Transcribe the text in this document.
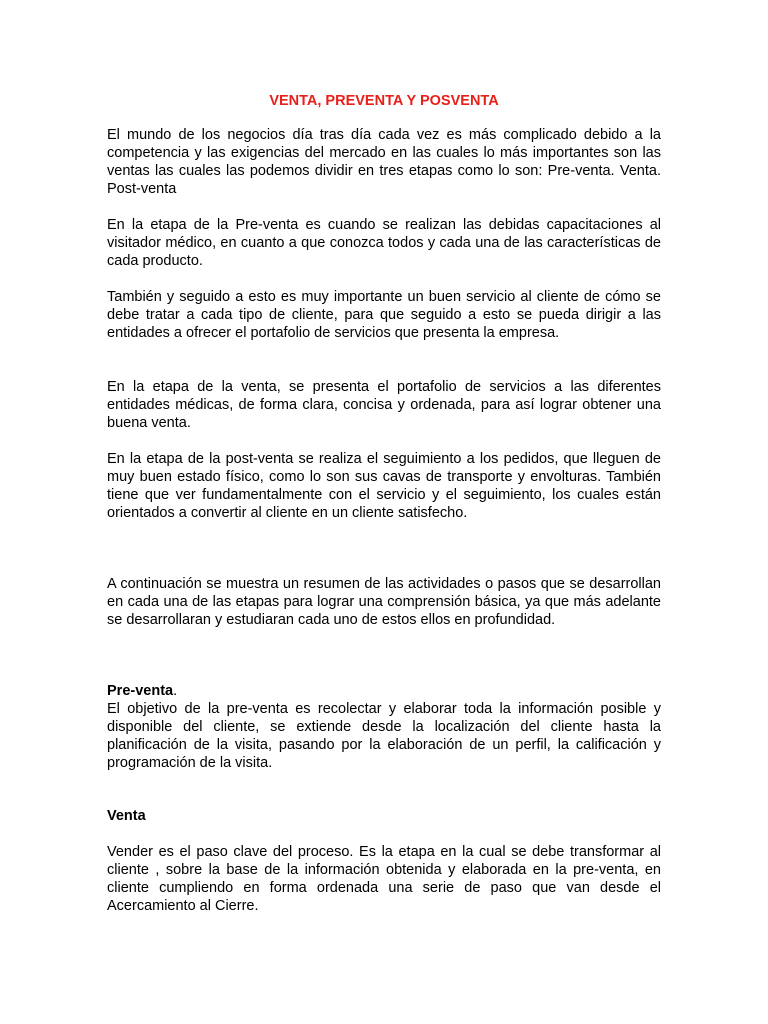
VENTA, PREVENTA Y POSVENTA

El mundo de los negocios día tras día cada vez es más complicado debido a la competencia y las exigencias del mercado en las cuales lo más importantes son las ventas las cuales las podemos dividir en tres etapas como lo son: Pre-venta. Venta. Post-venta

En la etapa de la Pre-venta es cuando se realizan las debidas capacitaciones al visitador médico, en cuanto a que conozca todos y cada una de las características de cada producto.

También y seguido a esto es muy importante un buen servicio al cliente de cómo se debe tratar a cada tipo de cliente, para que seguido a esto se pueda dirigir a las entidades a ofrecer el portafolio de servicios que presenta la empresa.

En la etapa de la venta, se presenta el portafolio de servicios a las diferentes entidades médicas, de forma clara, concisa y ordenada, para así lograr obtener una buena venta.

En la etapa de la post-venta se realiza el seguimiento a los pedidos, que lleguen de muy buen estado físico, como lo son sus cavas de transporte y envolturas. También tiene que ver fundamentalmente con el servicio y el seguimiento, los cuales están orientados a convertir al cliente en un cliente satisfecho.

A continuación se muestra un resumen de las actividades o pasos que se desarrollan en cada una de las etapas para lograr una comprensión básica, ya que más adelante se desarrollaran y estudiaran cada uno de estos ellos en profundidad.

Pre-venta.

El objetivo de la pre-venta es recolectar y elaborar toda la información posible y disponible del cliente, se extiende desde la localización del cliente hasta la planificación de la visita, pasando por la elaboración de un perfil, la calificación y programación de la visita.

Venta

Vender es el paso clave del proceso. Es la etapa en la cual se debe transformar al cliente , sobre la base de la información obtenida y elaborada en la pre-venta, en cliente cumpliendo en forma ordenada una serie de paso que van desde el Acercamiento al Cierre.
